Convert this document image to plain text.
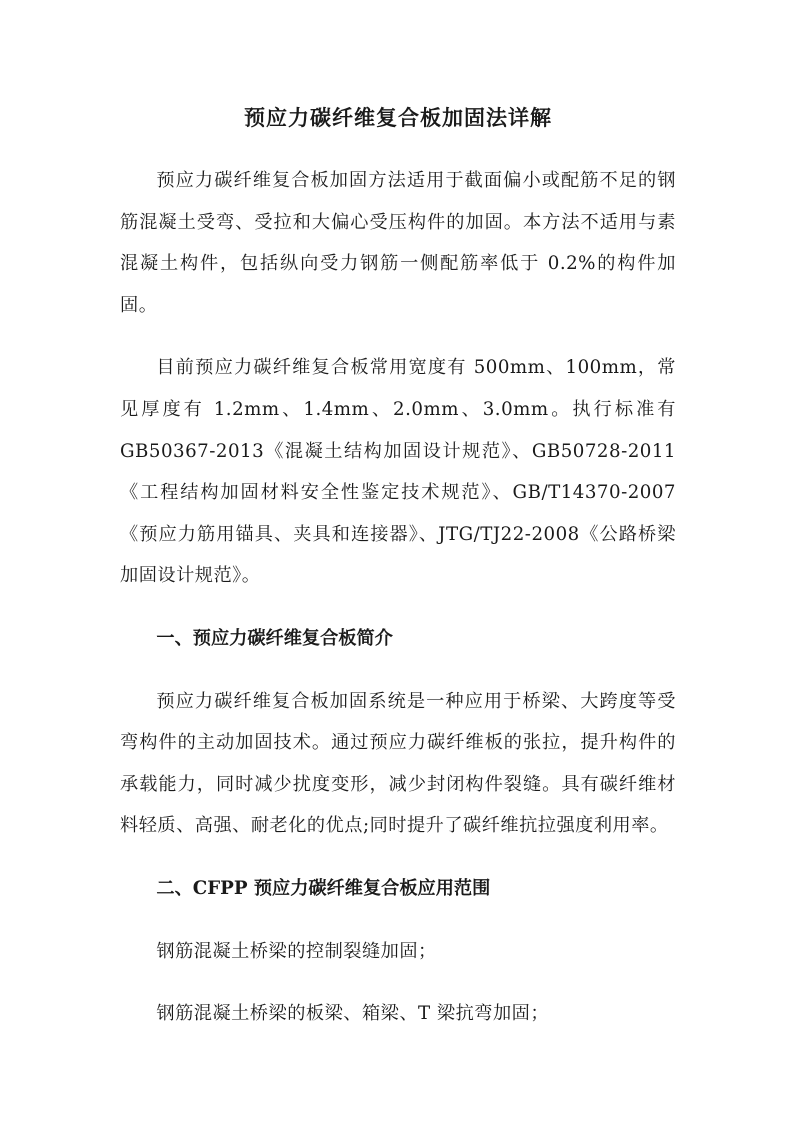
预应力碳纤维复合板加固法详解

预应力碳纤维复合板加固方法适用于截面偏小或配筋不足的钢筋混凝土受弯、受拉和大偏心受压构件的加固。本方法不适用与素混凝土构件，包括纵向受力钢筋一侧配筋率低于 0.2%的构件加固。

目前预应力碳纤维复合板常用宽度有 500mm、100mm，常见厚度有 1.2mm、1.4mm、2.0mm、3.0mm。执行标准有 GB50367-2013《混凝土结构加固设计规范》、GB50728-2011《工程结构加固材料安全性鉴定技术规范》、GB/T14370-2007《预应力筋用锚具、夹具和连接器》、JTG/TJ22-2008《公路桥梁加固设计规范》。

一、预应力碳纤维复合板简介

预应力碳纤维复合板加固系统是一种应用于桥梁、大跨度等受弯构件的主动加固技术。通过预应力碳纤维板的张拉，提升构件的承载能力，同时减少扰度变形，减少封闭构件裂缝。具有碳纤维材料轻质、高强、耐老化的优点;同时提升了碳纤维抗拉强度利用率。

二、CFPP 预应力碳纤维复合板应用范围

钢筋混凝土桥梁的控制裂缝加固；

钢筋混凝土桥梁的板梁、箱梁、T 梁抗弯加固；
